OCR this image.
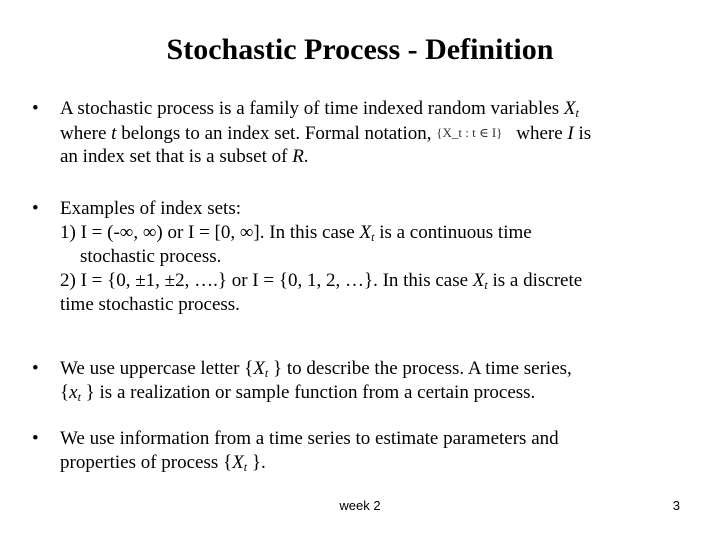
Stochastic Process - Definition
• A stochastic process is a family of time indexed random variables $X_t$
where t belongs to an index set. Formal notation, {X_t : t ∈ I} where I is
an index set that is a subset of R.
• Examples of index sets:
1) I = (-∞, ∞) or I = [0, ∞]. In this case $X_t$ is a continuous time
stochastic process.
2) I = {0, ±1, ±2, ….} or I = {0, 1, 2, …}. In this case $X_t$ is a discrete
time stochastic process.
• We use uppercase letter {$X_t$ } to describe the process. A time series,
{$x_t$ } is a realization or sample function from a certain process.
• We use information from a time series to estimate parameters and
properties of process {$X_t$ }.
week 2	3
